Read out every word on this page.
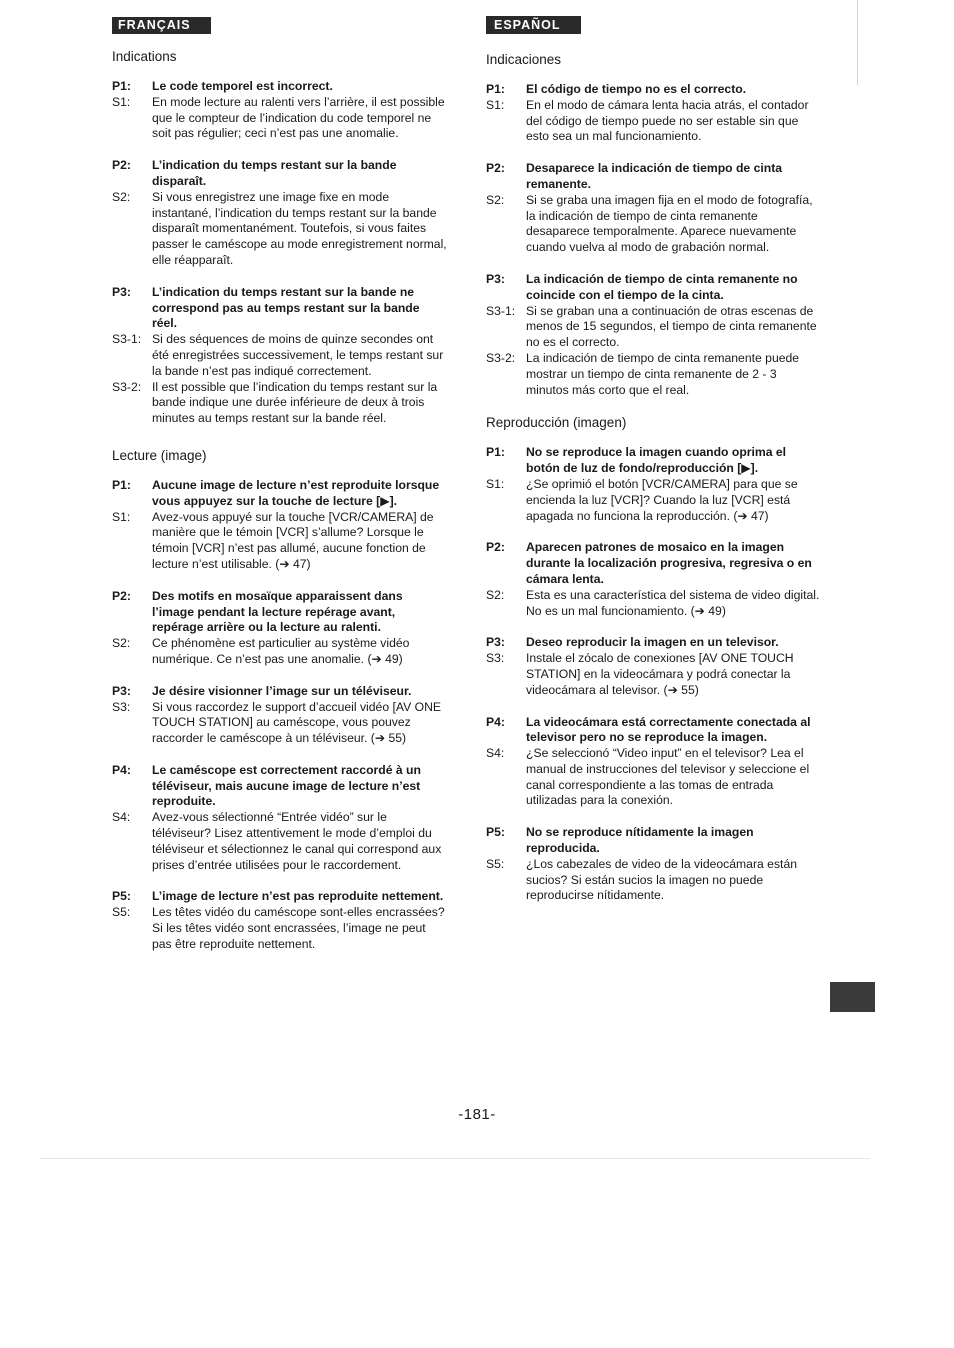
FRANÇAIS
Indications
P1:	Le code temporel est incorrect.
S1:	En mode lecture au ralenti vers l’arrière, il est possible que le compteur de l’indication du code temporel ne soit pas régulier; ceci n’est pas une anomalie.
P2:	L’indication du temps restant sur la bande disparaît.
S2:	Si vous enregistrez une image fixe en mode instantané, l’indication du temps restant sur la bande disparaît momentanément. Toutefois, si vous faites passer le caméscope au mode enregistrement normal, elle réapparaît.
P3:	L’indication du temps restant sur la bande ne correspond pas au temps restant sur la bande réel.
S3-1: Si des séquences de moins de quinze secondes ont été enregistrées successivement, le temps restant sur la bande n’est pas indiqué correctement.
S3-2: Il est possible que l’indication du temps restant sur la bande indique une durée inférieure de deux à trois minutes au temps restant sur la bande réel.
Lecture (image)
P1:	Aucune image de lecture n’est reproduite lorsque vous appuyez sur la touche de lecture [▶].
S1:	Avez-vous appuyé sur la touche [VCR/CAMERA] de manière que le témoin [VCR] s’allume? Lorsque le témoin [VCR] n’est pas allumé, aucune fonction de lecture n’est utilisable. (➔ 47)
P2:	Des motifs en mosaïque apparaissent dans l’image pendant la lecture repérage avant, repérage arrière ou la lecture au ralenti.
S2:	Ce phénomène est particulier au système vidéo numérique. Ce n’est pas une anomalie. (➔ 49)
P3:	Je désire visionner l’image sur un téléviseur.
S3:	Si vous raccordez le support d’accueil vidéo [AV ONE TOUCH STATION] au caméscope, vous pouvez raccorder le caméscope à un téléviseur. (➔ 55)
P4:	Le caméscope est correctement raccordé à un téléviseur, mais aucune image de lecture n’est reproduite.
S4:	Avez-vous sélectionné “Entrée vidéo” sur le téléviseur? Lisez attentivement le mode d’emploi du téléviseur et sélectionnez le canal qui correspond aux prises d’entrée utilisées pour le raccordement.
P5:	L’image de lecture n’est pas reproduite nettement.
S5:	Les têtes vidéo du caméscope sont-elles encrassées? Si les têtes vidéo sont encrassées, l’image ne peut pas être reproduite nettement.
ESPAÑOL
Indicaciones
P1:	El código de tiempo no es el correcto.
S1:	En el modo de cámara lenta hacia atrás, el contador del código de tiempo puede no ser estable sin que esto sea un mal funcionamiento.
P2:	Desaparece la indicación de tiempo de cinta remanente.
S2:	Si se graba una imagen fija en el modo de fotografía, la indicación de tiempo de cinta remanente desaparece temporalmente. Aparece nuevamente cuando vuelva al modo de grabación normal.
P3:	La indicación de tiempo de cinta remanente no coincide con el tiempo de la cinta.
S3-1: Si se graban una a continuación de otras escenas de menos de 15 segundos, el tiempo de cinta remanente no es el correcto.
S3-2: La indicación de tiempo de cinta remanente puede mostrar un tiempo de cinta remanente de 2 - 3 minutos más corto que el real.
Reproducción (imagen)
P1:	No se reproduce la imagen cuando oprima el botón de luz de fondo/reproducción [▶].
S1:	¿Se oprimió el botón [VCR/CAMERA] para que se encienda la luz [VCR]? Cuando la luz [VCR] está apagada no funciona la reproducción. (➔ 47)
P2:	Aparecen patrones de mosaico en la imagen durante la localización progresiva, regresiva o en cámara lenta.
S2:	Esta es una característica del sistema de video digital. No es un mal funcionamiento. (➔ 49)
P3:	Deseo reproducir la imagen en un televisor.
S3:	Instale el zócalo de conexiones [AV ONE TOUCH STATION] en la videocámara y podrá conectar la videocámara al televisor. (➔ 55)
P4:	La videocámara está correctamente conectada al televisor pero no se reproduce la imagen.
S4:	¿Se seleccionó “Video input” en el televisor? Lea el manual de instrucciones del televisor y seleccione el canal correspondiente a las tomas de entrada utilizadas para la conexión.
P5:	No se reproduce nítidamente la imagen reproducida.
S5:	¿Los cabezales de video de la videocámara están sucios? Si están sucios la imagen no puede reproducirse nítidamente.
-181-
